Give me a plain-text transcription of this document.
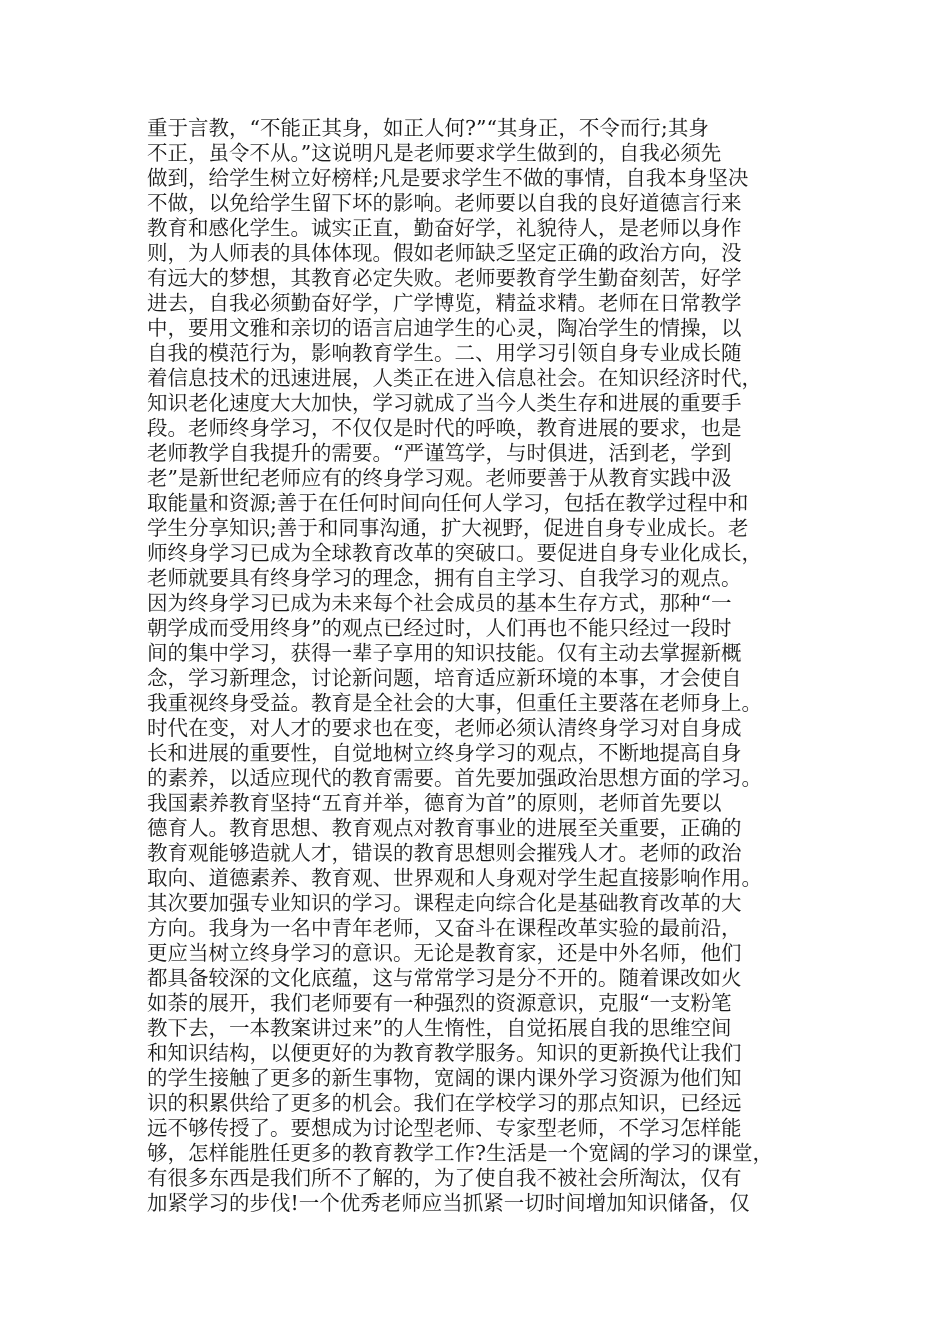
重于言教，“不能正其身，如正人何?”“其身正，不令而行;其身
不正，虽令不从。”这说明凡是老师要求学生做到的，自我必须先
做到，给学生树立好榜样;凡是要求学生不做的事情，自我本身坚决
不做，以免给学生留下坏的影响。老师要以自我的良好道德言行来
教育和感化学生。诚实正直，勤奋好学，礼貌待人，是老师以身作
则，为人师表的具体体现。假如老师缺乏坚定正确的政治方向，没
有远大的梦想，其教育必定失败。老师要教育学生勤奋刻苦，好学
进去，自我必须勤奋好学，广学博览，精益求精。老师在日常教学
中，要用文雅和亲切的语言启迪学生的心灵，陶冶学生的情操，以
自我的模范行为，影响教育学生。二、用学习引领自身专业成长随
着信息技术的迅速进展，人类正在进入信息社会。在知识经济时代，
知识老化速度大大加快，学习就成了当今人类生存和进展的重要手
段。老师终身学习，不仅仅是时代的呼唤，教育进展的要求，也是
老师教学自我提升的需要。“严谨笃学，与时俱进，活到老，学到
老”是新世纪老师应有的终身学习观。老师要善于从教育实践中汲
取能量和资源;善于在任何时间向任何人学习，包括在教学过程中和
学生分享知识;善于和同事沟通，扩大视野，促进自身专业成长。老
师终身学习已成为全球教育改革的突破口。要促进自身专业化成长，
老师就要具有终身学习的理念，拥有自主学习、自我学习的观点。
因为终身学习已成为未来每个社会成员的基本生存方式，那种“一
朝学成而受用终身”的观点已经过时，人们再也不能只经过一段时
间的集中学习，获得一辈子享用的知识技能。仅有主动去掌握新概
念，学习新理念，讨论新问题，培育适应新环境的本事，才会使自
我重视终身受益。教育是全社会的大事，但重任主要落在老师身上。
时代在变，对人才的要求也在变，老师必须认清终身学习对自身成
长和进展的重要性，自觉地树立终身学习的观点，不断地提高自身
的素养，以适应现代的教育需要。首先要加强政治思想方面的学习。
我国素养教育坚持“五育并举，德育为首”的原则，老师首先要以
德育人。教育思想、教育观点对教育事业的进展至关重要，正确的
教育观能够造就人才，错误的教育思想则会摧残人才。老师的政治
取向、道德素养、教育观、世界观和人身观对学生起直接影响作用。
其次要加强专业知识的学习。课程走向综合化是基础教育改革的大
方向。我身为一名中青年老师，又奋斗在课程改革实验的最前沿，
更应当树立终身学习的意识。无论是教育家，还是中外名师，他们
都具备较深的文化底蕴，这与常常学习是分不开的。随着课改如火
如荼的展开，我们老师要有一种强烈的资源意识，克服“一支粉笔
教下去，一本教案讲过来”的人生惰性，自觉拓展自我的思维空间
和知识结构，以便更好的为教育教学服务。知识的更新换代让我们
的学生接触了更多的新生事物，宽阔的课内课外学习资源为他们知
识的积累供给了更多的机会。我们在学校学习的那点知识，已经远
远不够传授了。要想成为讨论型老师、专家型老师，不学习怎样能
够，怎样能胜任更多的教育教学工作?生活是一个宽阔的学习的课堂，
有很多东西是我们所不了解的，为了使自我不被社会所淘汰，仅有
加紧学习的步伐!一个优秀老师应当抓紧一切时间增加知识储备，仅
